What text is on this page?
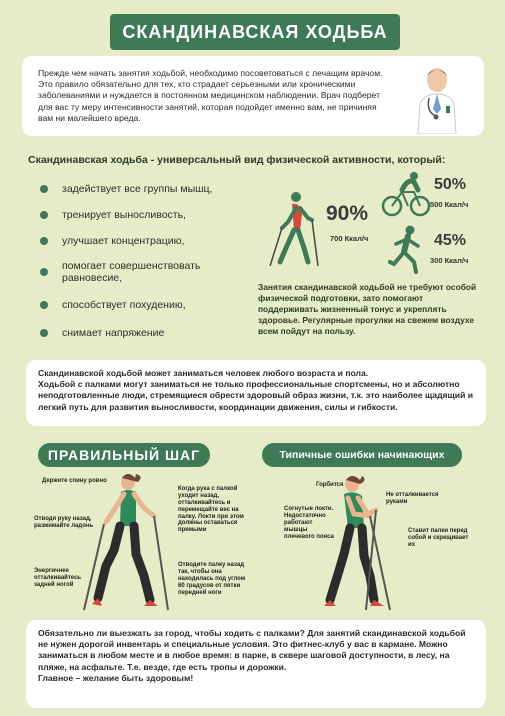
СКАНДИНАВСКАЯ ХОДЬБА

Прежде чем начать занятия ходьбой, необходимо посоветоваться с лечащим врачом. Это правило обязательно для тех, кто страдает серьезными или хроническими заболеваниями и нуждается в постоянном медицинском наблюдении. Врач подберет для вас ту меру интенсивности занятий, которая подойдет именно вам, не причиняя вам ни малейшего вреда.

Скандинавская ходьба - универсальный вид физической активности, который:
задействует все группы мышц,
тренирует выносливость,
улучшает концентрацию,
помогает совершенствовать равновесие,
способствует похудению,
снимает напряжение
90%
700 Ккал/ч
50%
500 Ккал/ч
45%
300 Ккал/ч
Занятия скандинавской ходьбой не требуют особой физической подготовки, зато помогают поддерживать жизненный тонус и укреплять здоровье. Регулярные прогулки на свежем воздухе всем пойдут на пользу.

Скандинавской ходьбой может заниматься человек любого возраста и пола.

Ходьбой с палками могут заниматься не только профессиональные спортсмены, но и абсолютно неподготовленные люди, стремящиеся обрести здоровый образ жизни, т.к. это наиболее щадящий и легкий путь для развития выносливости, координации движения, силы и гибкости.

ПРАВИЛЬНЫЙ ШАГ	Типичные ошибки начинающих
Держите спину ровно
Отводя руку назад, разжимайте ладонь
Энергичнее отталкивайтесь задней ногой
Когда рука с палкой уходит назад, отталкивайтесь и перемещайте вес на палку. Локти при этом должны оставаться прямыми
Отводите палку назад так, чтобы она находилась под углом 60 градусов от пятки передней ноги
Горбится
Согнутые локти. Недостаточно работают мышцы плечевого пояса
Не отталкивается руками
Ставит палки перед собой и скрещивает их

Обязательно ли выезжать за город, чтобы ходить с палками? Для занятий скандинавской ходьбой не нужен дорогой инвентарь и специальные условия. Это фитнес-клуб у вас в кармане. Можно заниматься в любом месте и в любое время: в парке, в сквере шаговой доступности, в лесу, на пляже, на асфальте. Т.е. везде, где есть тропы и дорожки.

Главное – желание быть здоровым!
